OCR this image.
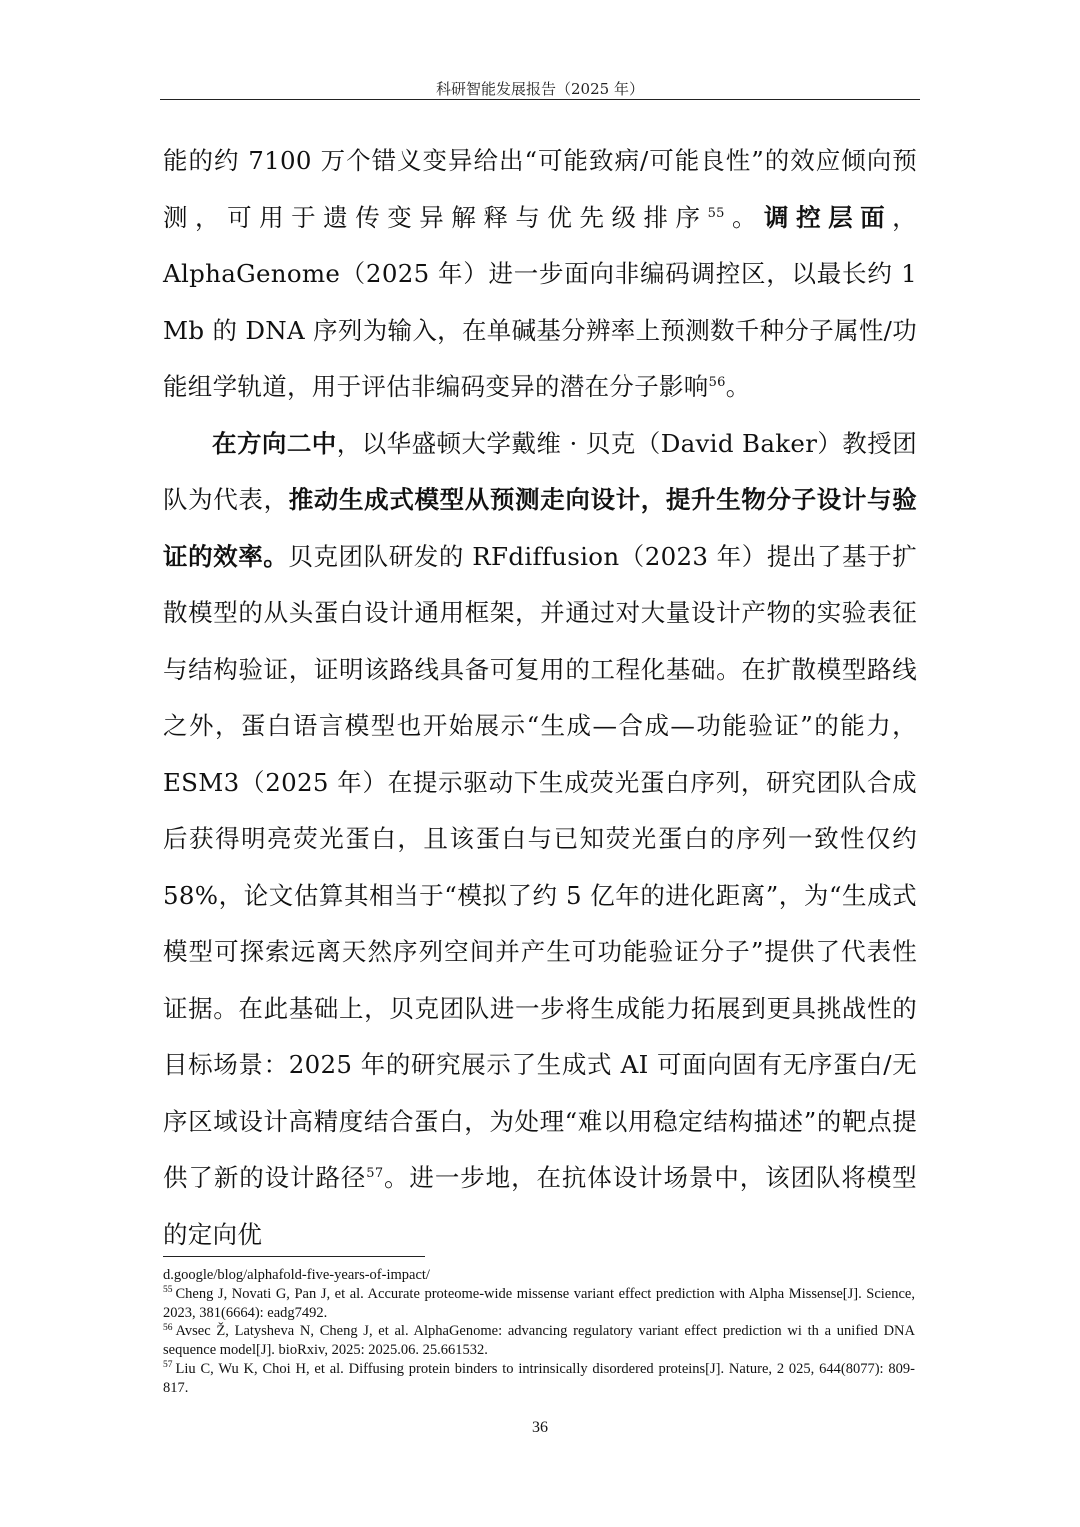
科研智能发展报告（2025 年）

能的约 7100 万个错义变异给出“可能致病/可能良性”的效应倾向预测，可用于遗传变异解释与优先级排序$^{55}$。调控层面，AlphaGenome（2025 年）进一步面向非编码调控区，以最长约 1 Mb 的 DNA 序列为输入，在单碱基分辨率上预测数千种分子属性/功能组学轨道，用于评估非编码变异的潜在分子影响$^{56}$。

在方向二中，以华盛顿大学戴维 · 贝克（David Baker）教授团队为代表，推动生成式模型从预测走向设计，提升生物分子设计与验证的效率。贝克团队研发的 RFdiffusion（2023 年）提出了基于扩散模型的从头蛋白设计通用框架，并通过对大量设计产物的实验表征与结构验证，证明该路线具备可复用的工程化基础。在扩散模型路线之外，蛋白语言模型也开始展示“生成—合成—功能验证”的能力，ESM3（2025 年）在提示驱动下生成荧光蛋白序列，研究团队合成后获得明亮荧光蛋白，且该蛋白与已知荧光蛋白的序列一致性仅约 58%，论文估算其相当于“模拟了约 5 亿年的进化距离”，为“生成式模型可探索远离天然序列空间并产生可功能验证分子”提供了代表性证据。在此基础上，贝克团队进一步将生成能力拓展到更具挑战性的目标场景：2025 年的研究展示了生成式 AI 可面向固有无序蛋白/无序区域设计高精度结合蛋白，为处理“难以用稳定结构描述”的靶点提供了新的设计路径$^{57}$。进一步地，在抗体设计场景中，该团队将模型的定向优

d.google/blog/alphafold-five-years-of-impact/

$^{55}$ Cheng J, Novati G, Pan J, et al. Accurate proteome-wide missense variant effect prediction with Alpha Missense[J]. Science, 2023, 381(6664): eadg7492.

$^{56}$ Avsec Ž, Latysheva N, Cheng J, et al. AlphaGenome: advancing regulatory variant effect prediction wi th a unified DNA sequence model[J]. bioRxiv, 2025: 2025.06. 25.661532.

$^{57}$ Liu C, Wu K, Choi H, et al. Diffusing protein binders to intrinsically disordered proteins[J]. Nature, 2 025, 644(8077): 809-817.

36
